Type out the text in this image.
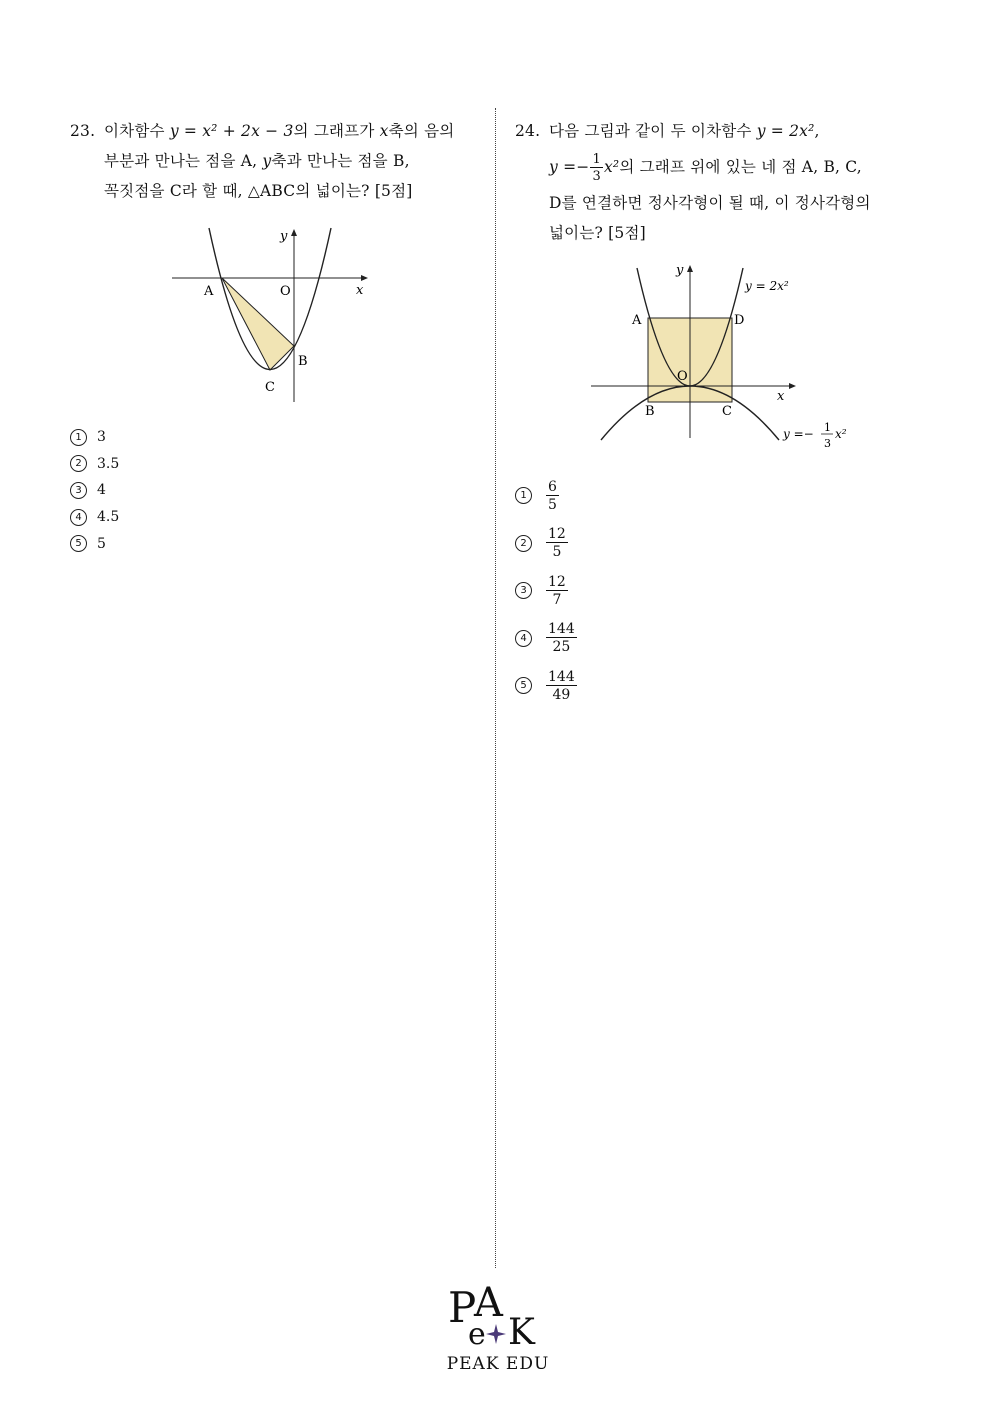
23. 이차함수 y = x² + 2x − 3의 그래프가 x축의 음의
부분과 만나는 점을 A, y축과 만나는 점을 B,
꼭짓점을 C라 할 때, △ABC의 넓이는? [5점]
y
x
O
A
B
C
1	3
2	3.5
3	4
4	4.5
5	5
24. 다음 그림과 같이 두 이차함수 y = 2x²,
$y =- \frac{1}{3} x^2$의 그래프 위에 있는 네 점 A, B, C,
D를 연결하면 정사각형이 될 때, 이 정사각형의
넓이는? [5점]
y
x
O
A	D
B	C
y = 2x²
y =− 1
3
x²
1	$\frac{6}{5}$
2	$\frac{12}{5}$
3	$\frac{12}{7}$
4	$\frac{144}{25}$
5	$\frac{144}{49}$
P
A
e K
PEAK EDU
